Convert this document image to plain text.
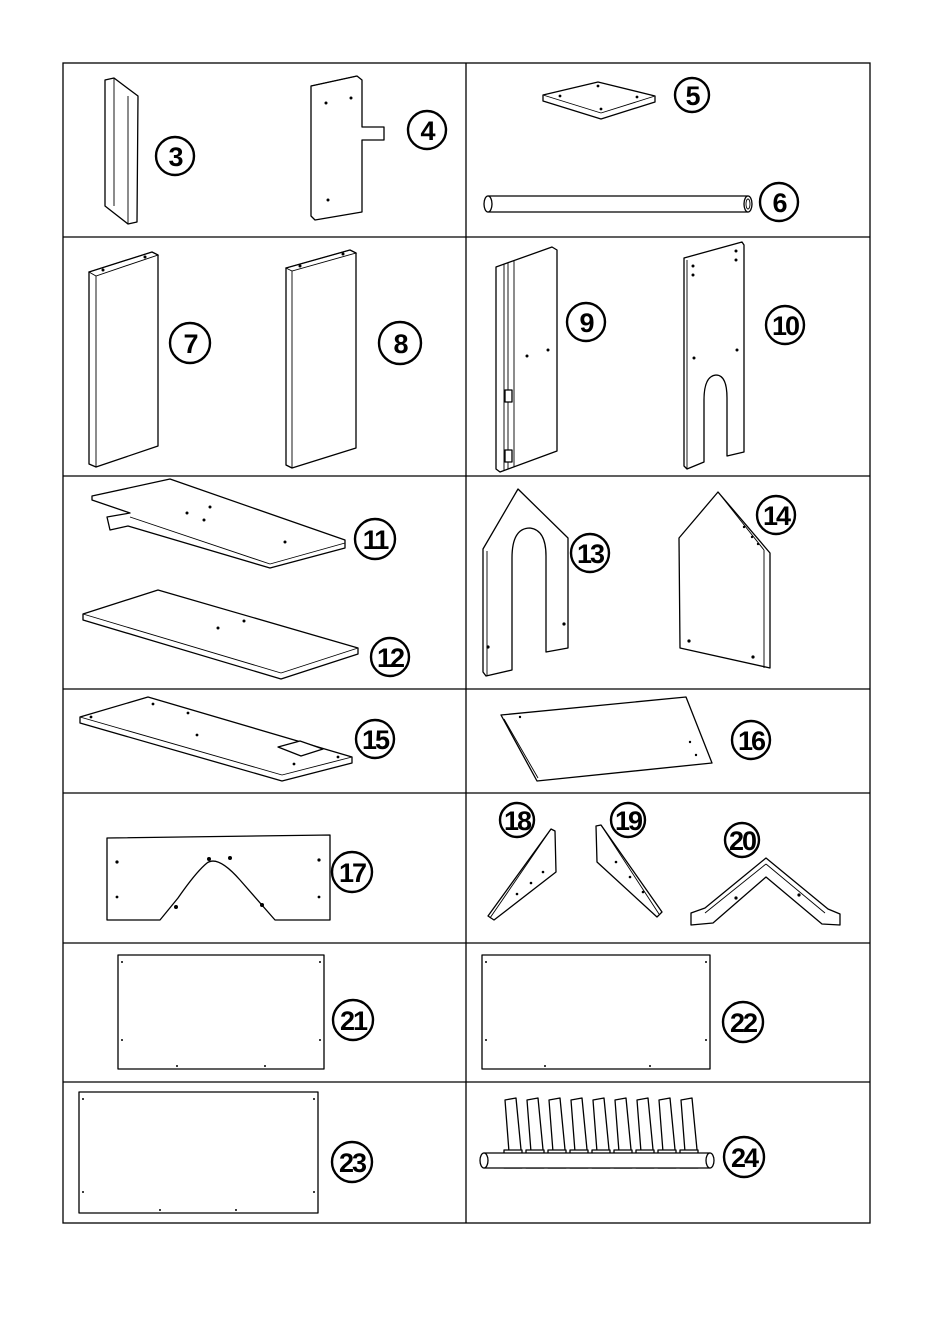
3
4
5
6
7	8
9	10
11
12
13
14
15	16
17
18	19
20
21	22
23	24
